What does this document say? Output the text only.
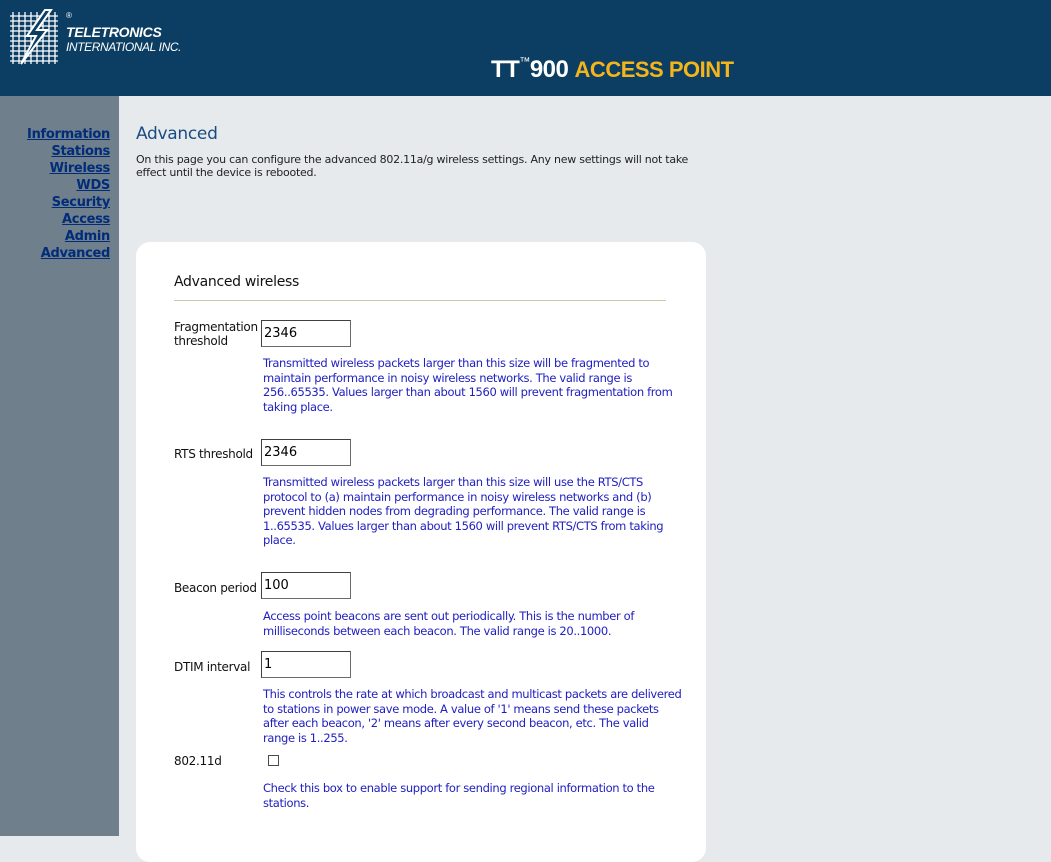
®
TELETRONICS
INTERNATIONAL INC.
TT™900 ACCESS POINT
Information
Stations
Wireless
WDS
Security
Access
Admin
Advanced
Advanced
On this page you can configure the advanced 802.11a/g wireless settings. Any new settings will not take effect until the device is rebooted.
Advanced wireless
Fragmentation
threshold
2346
Transmitted wireless packets larger than this size will be fragmented to maintain performance in noisy wireless networks. The valid range is 256..65535. Values larger than about 1560 will prevent fragmentation from taking place.
RTS threshold
2346
Transmitted wireless packets larger than this size will use the RTS/CTS protocol to (a) maintain performance in noisy wireless networks and (b) prevent hidden nodes from degrading performance. The valid range is 1..65535. Values larger than about 1560 will prevent RTS/CTS from taking place.
Beacon period
100
Access point beacons are sent out periodically. This is the number of milliseconds between each beacon. The valid range is 20..1000.
DTIM interval
1
This controls the rate at which broadcast and multicast packets are delivered to stations in power save mode. A value of '1' means send these packets after each beacon, '2' means after every second beacon, etc. The valid range is 1..255.
802.11d
Check this box to enable support for sending regional information to the stations.
